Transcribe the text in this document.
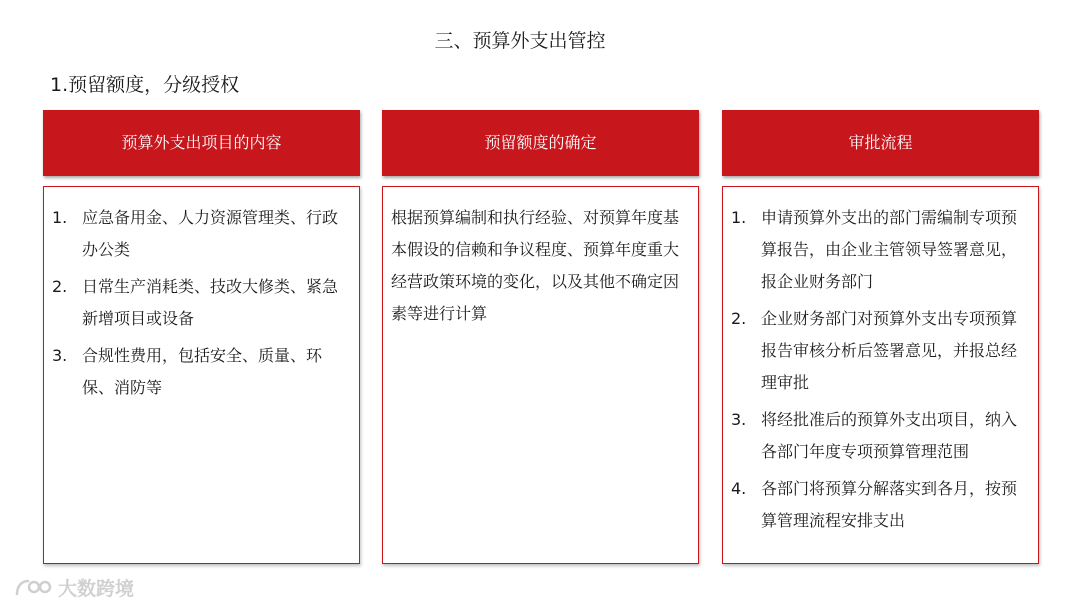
三、预算外支出管控
1.预留额度，分级授权
预算外支出项目的内容
1. 应急备用金、人力资源管理类、行政办公类
2. 日常生产消耗类、技改大修类、紧急新增项目或设备
3. 合规性费用，包括安全、质量、环保、消防等
预留额度的确定
根据预算编制和执行经验、对预算年度基本假设的信赖和争议程度、预算年度重大经营政策环境的变化，以及其他不确定因素等进行计算
审批流程
1. 申请预算外支出的部门需编制专项预算报告，由企业主管领导签署意见，报企业财务部门
2. 企业财务部门对预算外支出专项预算报告审核分析后签署意见，并报总经理审批
3. 将经批准后的预算外支出项目，纳入各部门年度专项预算管理范围
4. 各部门将预算分解落实到各月，按预算管理流程安排支出
大数跨境
